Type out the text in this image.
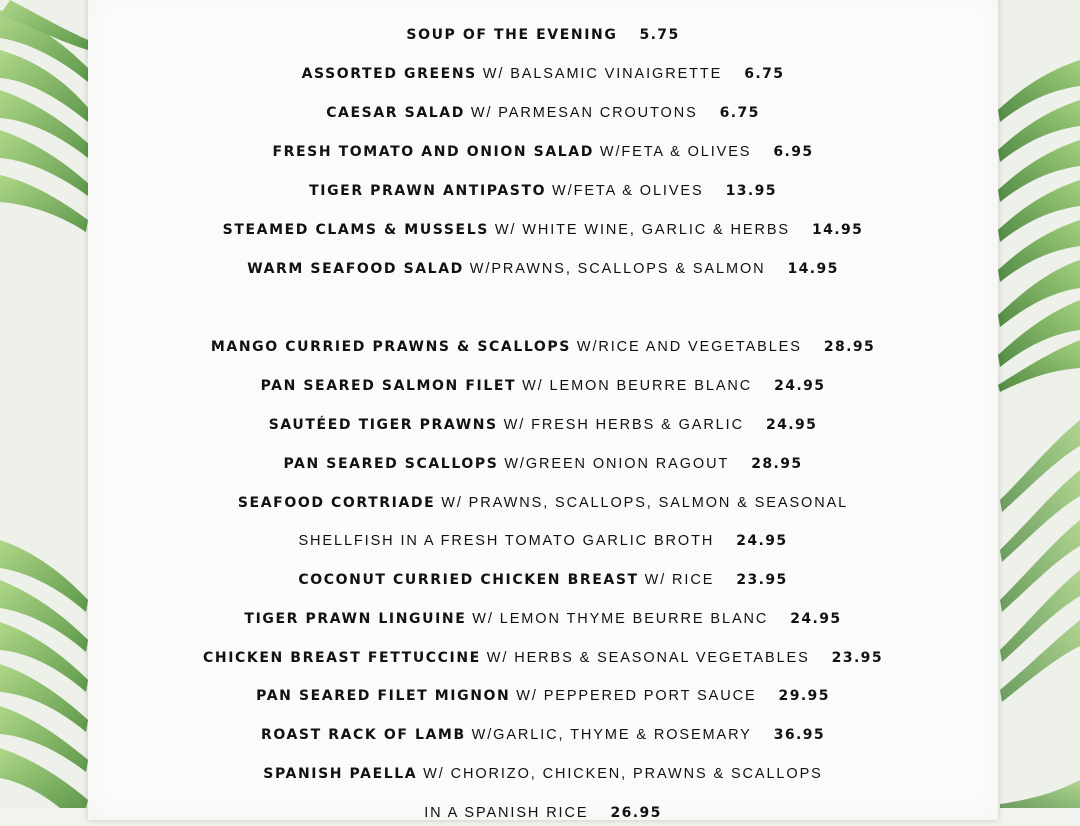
SOUP OF THE EVENING 5.75
ASSORTED GREENS W/ BALSAMIC VINAIGRETTE 6.75
CAESAR SALAD W/ PARMESAN CROUTONS 6.75
FRESH TOMATO AND ONION SALAD W/FETA & OLIVES 6.95
TIGER PRAWN ANTIPASTO W/FETA & OLIVES 13.95
STEAMED CLAMS & MUSSELS W/ WHITE WINE, GARLIC & HERBS 14.95
WARM SEAFOOD SALAD W/PRAWNS, SCALLOPS & SALMON 14.95
MANGO CURRIED PRAWNS & SCALLOPS W/RICE AND VEGETABLES 28.95
PAN SEARED SALMON FILET W/ LEMON BEURRE BLANC 24.95
SAUTÉED TIGER PRAWNS W/ FRESH HERBS & GARLIC 24.95
PAN SEARED SCALLOPS W/GREEN ONION RAGOUT 28.95
SEAFOOD CORTRIADE W/ PRAWNS, SCALLOPS, SALMON & SEASONAL
SHELLFISH IN A FRESH TOMATO GARLIC BROTH 24.95
COCONUT CURRIED CHICKEN BREAST W/ RICE 23.95
TIGER PRAWN LINGUINE W/ LEMON THYME BEURRE BLANC 24.95
CHICKEN BREAST FETTUCCINE W/ HERBS & SEASONAL VEGETABLES 23.95
PAN SEARED FILET MIGNON W/ PEPPERED PORT SAUCE 29.95
ROAST RACK OF LAMB W/GARLIC, THYME & ROSEMARY 36.95
SPANISH PAELLA W/ CHORIZO, CHICKEN, PRAWNS & SCALLOPS
IN A SPANISH RICE 26.95
